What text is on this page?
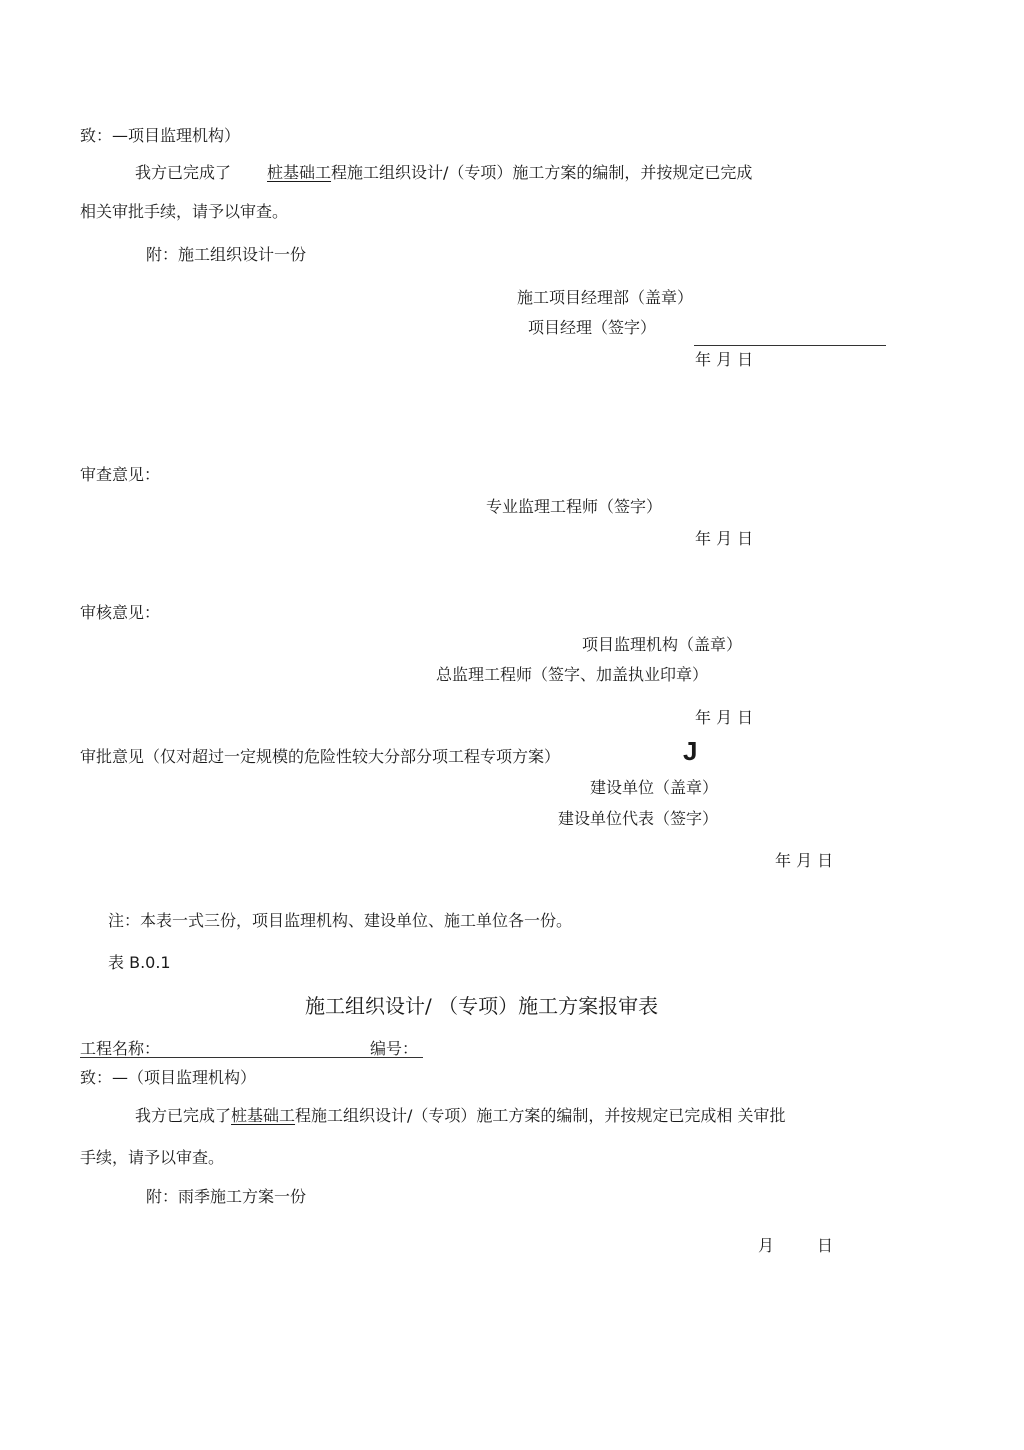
致：—项目监理机构）
我方已完成了 桩基础工程施工组织设计/（专项）施工方案的编制，并按规定已完成
相关审批手续，请予以审查。
附：施工组织设计一份
施工项目经理部（盖章）
项目经理（签字）
年 月 日
审查意见：
专业监理工程师（签字）
年 月 日
审核意见：
项目监理机构（盖章）
总监理工程师（签字、加盖执业印章）
年 月 日
审批意见（仅对超过一定规模的危险性较大分部分项工程专项方案）	J
建设单位（盖章）
建设单位代表（签字）
年 月 日
注：本表一式三份，项目监理机构、建设单位、施工单位各一份。
表 B.0.1
施工组织设计/ （专项）施工方案报审表
工程名称：	编号：
致：—（项目监理机构）
我方已完成了桩基础工程施工组织设计/（专项）施工方案的编制，并按规定已完成相 关审批
手续，请予以审查。
附：雨季施工方案一份
月	日
